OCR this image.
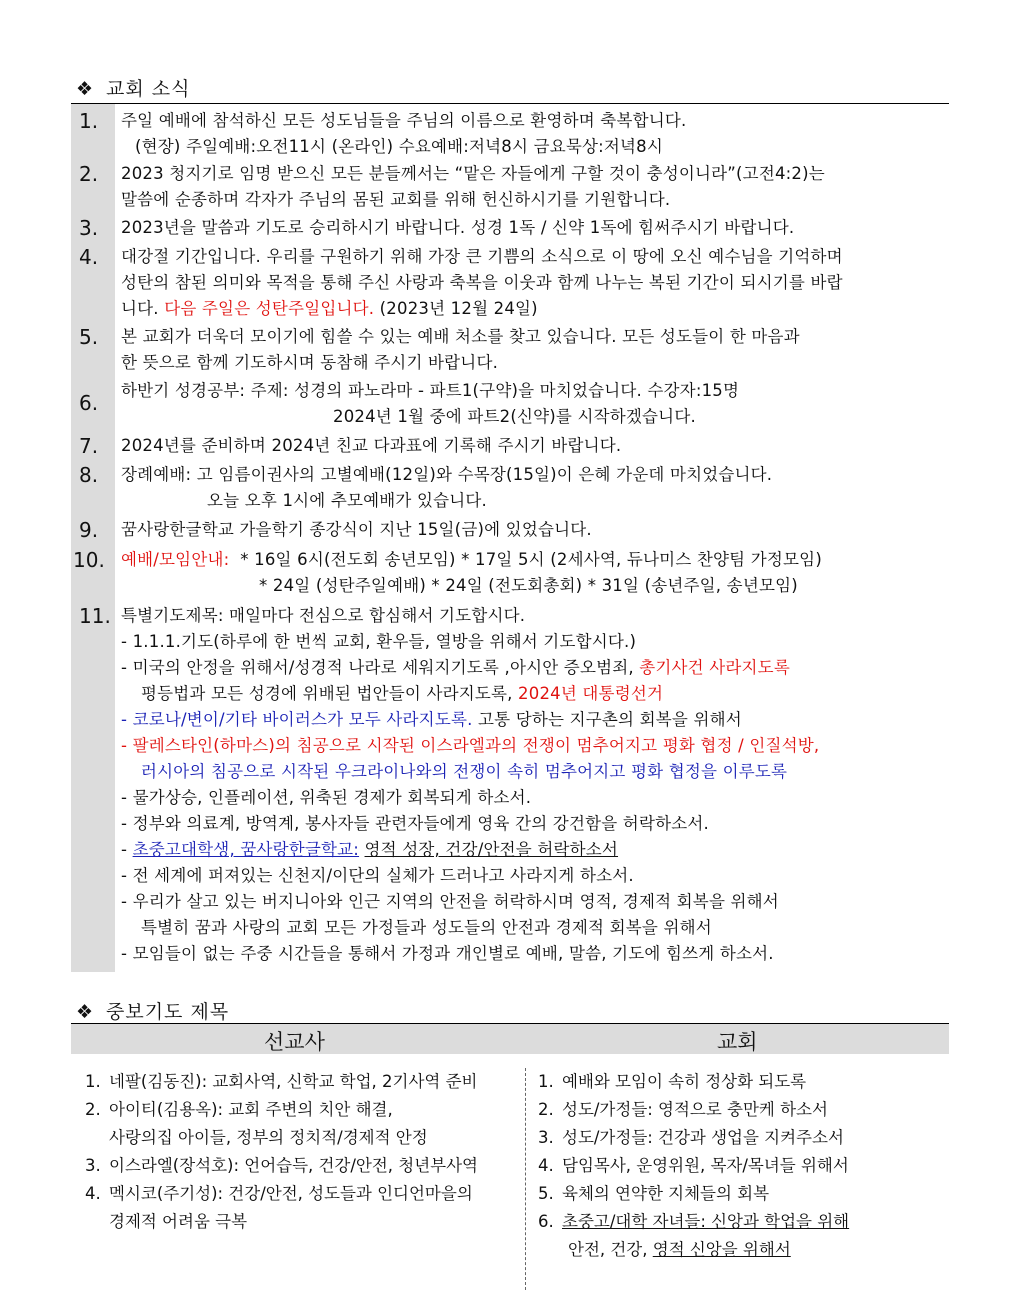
❖ 교회 소식
1. 주일 예배에 참석하신 모든 성도님들을 주님의 이름으로 환영하며 축복합니다.
(현장) 주일예배:오전11시 (온라인) 수요예배:저녁8시 금요묵상:저녁8시
2. 2023 청지기로 임명 받으신 모든 분들께서는 “맡은 자들에게 구할 것이 충성이니라”(고전4:2)는
말씀에 순종하며 각자가 주님의 몸된 교회를 위해 헌신하시기를 기원합니다.
3. 2023년을 말씀과 기도로 승리하시기 바랍니다. 성경 1독 / 신약 1독에 힘써주시기 바랍니다.
4. 대강절 기간입니다. 우리를 구원하기 위해 가장 큰 기쁨의 소식으로 이 땅에 오신 예수님을 기억하며
성탄의 참된 의미와 목적을 통해 주신 사랑과 축복을 이웃과 함께 나누는 복된 기간이 되시기를 바랍
니다. 다음 주일은 성탄주일입니다. (2023년 12월 24일)
5. 본 교회가 더욱더 모이기에 힘쓸 수 있는 예배 처소를 찾고 있습니다. 모든 성도들이 한 마음과
한 뜻으로 함께 기도하시며 동참해 주시기 바랍니다.
6.
하반기 성경공부: 주제: 성경의 파노라마 - 파트1(구약)을 마치었습니다. 수강자:15명
2024년 1월 중에 파트2(신약)를 시작하겠습니다.
7. 2024년를 준비하며 2024년 친교 다과표에 기록해 주시기 바랍니다.
8. 장례예배: 고 임름이권사의 고별예배(12일)와 수목장(15일)이 은혜 가운데 마치었습니다.
오늘 오후 1시에 추모예배가 있습니다.
9. 꿈사랑한글학교 가을학기 종강식이 지난 15일(금)에 있었습니다.
10. 예배/모임안내: * 16일 6시(전도회 송년모임) * 17일 5시 (2세사역, 듀나미스 찬양팀 가정모임)
* 24일 (성탄주일예배) * 24일 (전도회총회) * 31일 (송년주일, 송년모임)
11. 특별기도제목: 매일마다 전심으로 합심해서 기도합시다.
- 1.1.1.기도(하루에 한 번씩 교회, 환우들, 열방을 위해서 기도합시다.)
- 미국의 안정을 위해서/성경적 나라로 세워지기도록 ,아시안 증오범죄, 총기사건 사라지도록
평등법과 모든 성경에 위배된 법안들이 사라지도록, 2024년 대통령선거
- 코로나/변이/기타 바이러스가 모두 사라지도록. 고통 당하는 지구촌의 회복을 위해서
- 팔레스타인(하마스)의 침공으로 시작된 이스라엘과의 전쟁이 멈추어지고 평화 협정 / 인질석방,
러시아의 침공으로 시작된 우크라이나와의 전쟁이 속히 멈추어지고 평화 협정을 이루도록
- 물가상승, 인플레이션, 위축된 경제가 회복되게 하소서.
- 정부와 의료계, 방역계, 봉사자들 관련자들에게 영육 간의 강건함을 허락하소서.
- 초중고대학생, 꿈사랑한글학교: 영적 성장, 건강/안전을 허락하소서
- 전 세계에 퍼져있는 신천지/이단의 실체가 드러나고 사라지게 하소서.
- 우리가 살고 있는 버지니아와 인근 지역의 안전을 허락하시며 영적, 경제적 회복을 위해서
특별히 꿈과 사랑의 교회 모든 가정들과 성도들의 안전과 경제적 회복을 위해서
- 모임들이 없는 주중 시간들을 통해서 가정과 개인별로 예배, 말씀, 기도에 힘쓰게 하소서.
❖ 중보기도 제목
선교사	교회
1. 네팔(김동진): 교회사역, 신학교 학업, 2기사역 준비
2. 아이티(김용옥): 교회 주변의 치안 해결,
사랑의집 아이들, 정부의 정치적/경제적 안정
3. 이스라엘(장석호): 언어습득, 건강/안전, 청년부사역
4. 멕시코(주기성): 건강/안전, 성도들과 인디언마을의
경제적 어려움 극복
1. 예배와 모임이 속히 정상화 되도록
2. 성도/가정들: 영적으로 충만케 하소서
3. 성도/가정들: 건강과 생업을 지켜주소서
4. 담임목사, 운영위원, 목자/목녀들 위해서
5. 육체의 연약한 지체들의 회복
6. 초중고/대학 자녀들: 신앙과 학업을 위해
안전, 건강, 영적 신앙을 위해서
